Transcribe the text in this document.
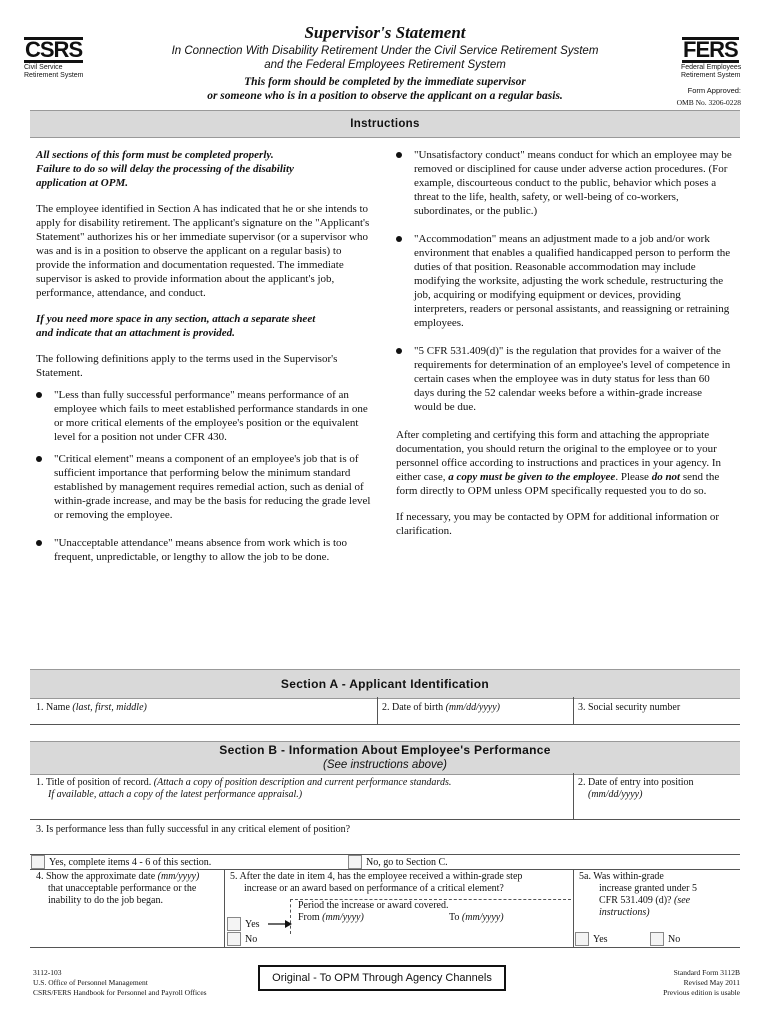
CSRS
Civil Service
Retirement System
FERS
Federal Employees
Retirement System
Supervisor's Statement
In Connection With Disability Retirement Under the Civil Service Retirement System
and the Federal Employees Retirement System
This form should be completed by the immediate supervisor
or someone who is in a position to observe the applicant on a regular basis.	Form Approved:
OMB No. 3206-0228
Instructions

All sections of this form must be completed properly.

Failure to do so will delay the processing of the disability

application at OPM.

The employee identified in Section A has indicated that he or she intends to apply for disability retirement. The applicant's signature on the "Applicant's Statement" authorizes his or her immediate supervisor (or a supervisor who was and is in a position to observe the applicant on a regular basis) to provide the information and documentation requested. The immediate supervisor is asked to provide information about the applicant's job, performance, attendance, and conduct.

If you need more space in any section, attach a separate sheet

and indicate that an attachment is provided.

The following definitions apply to the terms used in the Supervisor's Statement.

"Less than fully successful performance" means performance of an employee which fails to meet established performance standards in one or more critical elements of the employee's position or the equivalent level for a position not under CFR 430.

"Critical element" means a component of an employee's job that is of sufficient importance that performing below the minimum standard established by management requires remedial action, such as denial of within-grade increase, and may be the basis for reducing the grade level or removing the employee.

"Unacceptable attendance" means absence from work which is too frequent, unpredictable, or lengthy to allow the job to be done.

"Unsatisfactory conduct" means conduct for which an employee may be removed or disciplined for cause under adverse action procedures. (For example, discourteous conduct to the public, behavior which poses a threat to the life, health, safety, or well-being of co-workers, subordinates, or the public.)

"Accommodation" means an adjustment made to a job and/or work environment that enables a qualified handicapped person to perform the duties of that position. Reasonable accommodation may include modifying the worksite, adjusting the work schedule, restructuring the job, acquiring or modifying equipment or devices, providing interpreters, readers or personal assistants, and reassigning or retraining employees.

"5 CFR 531.409(d)" is the regulation that provides for a waiver of the requirements for determination of an employee's level of competence in certain cases when the employee was in duty status for less than 60 days during the 52 calendar weeks before a within-grade increase would be due.

After completing and certifying this form and attaching the appropriate documentation, you should return the original to the employee or to your personnel office according to instructions and practices in your agency. In either case, a copy must be given to the employee. Please do not send the form directly to OPM unless OPM specifically requested you to do so.

If necessary, you may be contacted by OPM for additional information or clarification.

Section A - Applicant Identification
1. Name (last, first, middle)	2. Date of birth (mm/dd/yyyy)	3. Social security number
Section B - Information About Employee's Performance
(See instructions above)
1. Title of position of record. (Attach a copy of position description and current performance standards.
If available, attach a copy of the latest performance appraisal.)
2. Date of entry into position
(mm/dd/yyyy)
3. Is performance less than fully successful in any critical element of position?
Yes, complete items 4 - 6 of this section.	No, go to Section C.
4. Show the approximate date (mm/yyyy)
that unacceptable performance or the
inability to do the job began.
5. After the date in item 4, has the employee received a within-grade step
increase or an award based on performance of a critical element?
Period the increase or award covered.
From (mm/yyyy)	To (mm/yyyy)
Yes
No
5a. Was within-grade
increase granted under 5
CFR 531.409 (d)? (see
instructions)
Yes	No
3112-103
U.S. Office of Personnel Management
CSRS/FERS Handbook for Personnel and Payroll Offices
Original - To OPM Through Agency Channels	Standard Form 3112B
Revised May 2011
Previous edition is usable
